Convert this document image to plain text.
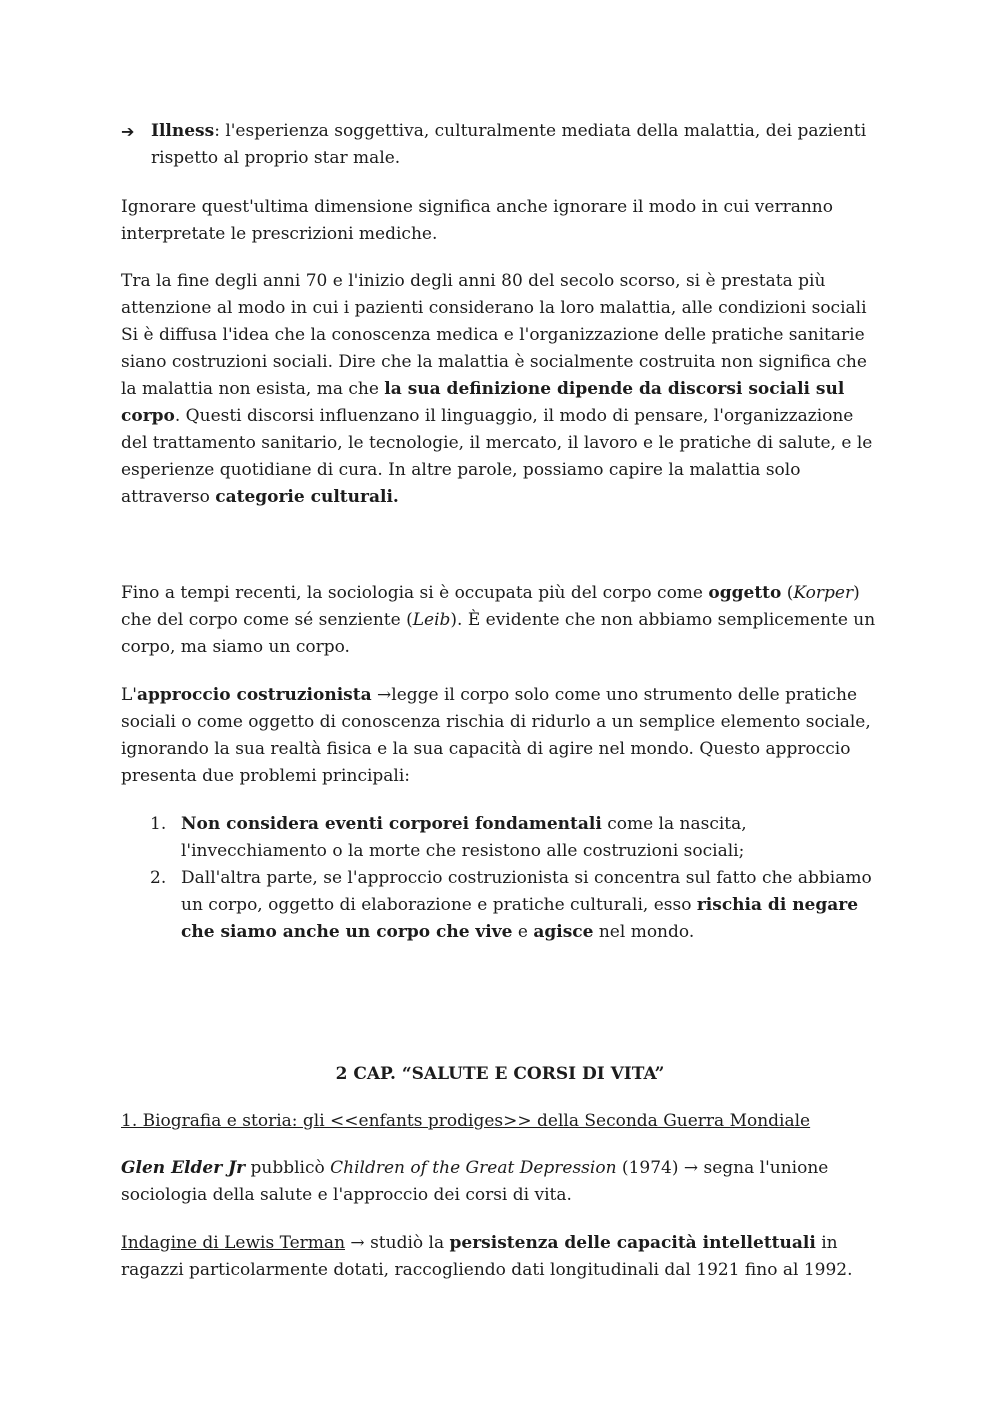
➔ Illness: l'esperienza soggettiva, culturalmente mediata della malattia, dei pazienti rispetto al proprio star male.

Ignorare quest'ultima dimensione significa anche ignorare il modo in cui verranno interpretate le prescrizioni mediche.

Tra la fine degli anni 70 e l'inizio degli anni 80 del secolo scorso, si è prestata più attenzione al modo in cui i pazienti considerano la loro malattia, alle condizioni sociali Si è diffusa l'idea che la conoscenza medica e l'organizzazione delle pratiche sanitarie siano costruzioni sociali. Dire che la malattia è socialmente costruita non significa che la malattia non esista, ma che la sua definizione dipende da discorsi sociali sul corpo. Questi discorsi influenzano il linguaggio, il modo di pensare, l'organizzazione del trattamento sanitario, le tecnologie, il mercato, il lavoro e le pratiche di salute, e le esperienze quotidiane di cura. In altre parole, possiamo capire la malattia solo attraverso categorie culturali.

Fino a tempi recenti, la sociologia si è occupata più del corpo come oggetto (Korper) che del corpo come sé senziente (Leib). È evidente che non abbiamo semplicemente un corpo, ma siamo un corpo.

L'approccio costruzionista →legge il corpo solo come uno strumento delle pratiche sociali o come oggetto di conoscenza rischia di ridurlo a un semplice elemento sociale, ignorando la sua realtà fisica e la sua capacità di agire nel mondo. Questo approccio presenta due problemi principali:

1. Non considera eventi corporei fondamentali come la nascita, l'invecchiamento o la morte che resistono alle costruzioni sociali;
2. Dall'altra parte, se l'approccio costruzionista si concentra sul fatto che abbiamo un corpo, oggetto di elaborazione e pratiche culturali, esso rischia di negare che siamo anche un corpo che vive e agisce nel mondo.

2 CAP. “SALUTE E CORSI DI VITA”

1. Biografia e storia: gli <<enfants prodiges>> della Seconda Guerra Mondiale

Glen Elder Jr pubblicò Children of the Great Depression (1974) → segna l'unione sociologia della salute e l'approccio dei corsi di vita.

Indagine di Lewis Terman → studiò la persistenza delle capacità intellettuali in ragazzi particolarmente dotati, raccogliendo dati longitudinali dal 1921 fino al 1992.
